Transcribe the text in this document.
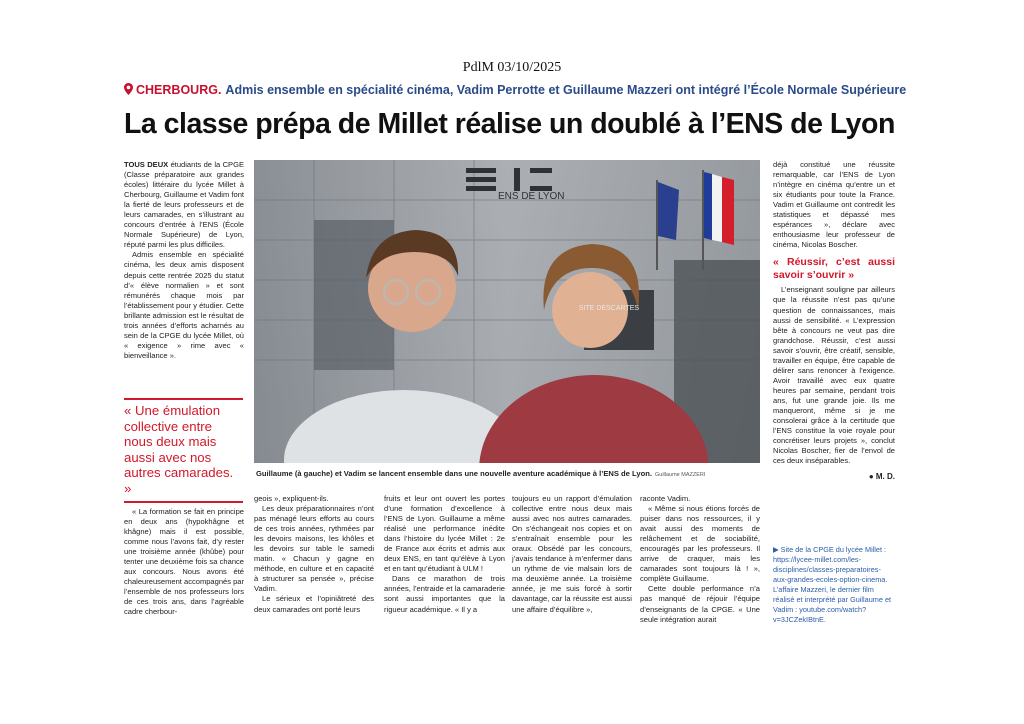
PdlM 03/10/2025
CHERBOURG. Admis ensemble en spécialité cinéma, Vadim Perrotte et Guillaume Mazzeri ont intégré l’École Normale Supérieure
La classe prépa de Millet réalise un doublé à l’ENS de Lyon

TOUS DEUX étudiants de la CPGE (Classe préparatoire aux grandes écoles) littéraire du lycée Millet à Cherbourg, Guillaume et Vadim font la fierté de leurs professeurs et de leurs camarades, en s’illustrant au concours d’entrée à l’ENS (École Normale Supérieure) de Lyon, réputé parmi les plus difficiles.

Admis ensemble en spécialité cinéma, les deux amis disposent depuis cette rentrée 2025 du statut d’« élève normalien » et sont rémunérés chaque mois par l’établissement pour y étudier. Cette brillante admission est le résultat de trois années d’efforts acharnés au sein de la CPGE du lycée Millet, où « exigence » rime avec « bienveillance ».

« Une émulation collective entre nous deux mais aussi avec nos autres camarades. »

« La formation se fait en principe en deux ans (hypokhâgne et khâgne) mais il est possible, comme nous l’avons fait, d’y rester une troisième année (khûbe) pour tenter une deuxième fois sa chance aux concours. Nous avons été chaleureusement accompagnés par l’ensemble de nos professeurs lors de ces trois ans, dans l’agréable cadre cherbour-

ENS DE LYON
SITE DESCARTES
Guillaume (à gauche) et Vadim se lancent ensemble dans une nouvelle aventure académique à l’ENS de Lyon. Guillaume MAZZERI

geois », expliquent-ils.

Les deux préparationnaires n’ont pas ménagé leurs efforts au cours de ces trois années, rythmées par les devoirs maisons, les khôles et les devoirs sur table le samedi matin. « Chacun y gagne en méthode, en culture et en capacité à structurer sa pensée », précise Vadim.

Le sérieux et l’opiniâtreté des deux camarades ont porté leurs

fruits et leur ont ouvert les portes d’une formation d’excellence à l’ENS de Lyon. Guillaume a même réalisé une performance inédite dans l’histoire du lycée Millet : 2e de France aux écrits et admis aux deux ENS, en tant qu’élève à Lyon et en tant qu’étudiant à ULM !

Dans ce marathon de trois années, l’entraide et la camaraderie sont aussi importantes que la rigueur académique. « Il y a

toujours eu un rapport d’émulation collective entre nous deux mais aussi avec nos autres camarades. On s’échangeait nos copies et on s’entraînait ensemble pour les oraux. Obsédé par les concours, j’avais tendance à m’enfermer dans un rythme de vie malsain lors de ma deuxième année. La troisième année, je me suis forcé à sortir davantage, car la réussite est aussi une affaire d’équilibre »,

raconte Vadim.

« Même si nous étions forcés de puiser dans nos ressources, il y avait aussi des moments de relâchement et de sociabilité, encouragés par les professeurs. Il arrive de craquer, mais les camarades sont toujours là ! », complète Guillaume.

Cette double performance n’a pas manqué de réjouir l’équipe d’enseignants de la CPGE. « Une seule intégration aurait

déjà constitué une réussite remarquable, car l’ENS de Lyon n’intègre en cinéma qu’entre un et six étudiants pour toute la France. Vadim et Guillaume ont contredit les statistiques et dépassé mes espérances », déclare avec enthousiasme leur professeur de cinéma, Nicolas Boscher.

« Réussir, c’est aussi savoir s’ouvrir »

L’enseignant souligne par ailleurs que la réussite n’est pas qu’une question de connaissances, mais aussi de sensibilité. « L’expression bête à concours ne veut pas dire grandchose. Réussir, c’est aussi savoir s’ouvrir, être créatif, sensible, travailler en équipe, être capable de délirer sans renoncer à l’exigence. Avoir travaillé avec eux quatre heures par semaine, pendant trois ans, fut une grande joie. Ils me manqueront, même si je me consolerai grâce à la certitude que l’ENS constitue la voie royale pour concrétiser leurs projets », conclut Nicolas Boscher, fier de l’envol de ces deux inséparables.

● M. D.
▶ Site de la CPGE du lycée Millet : https://lycee-millet.com/les-disciplines/classes-preparatoires-aux-grandes-ecoles-option-cinema. L’affaire Mazzeri, le dernier film réalisé et interprété par Guillaume et Vadim : youtube.com/watch?v=3JCZekIBtnE.
